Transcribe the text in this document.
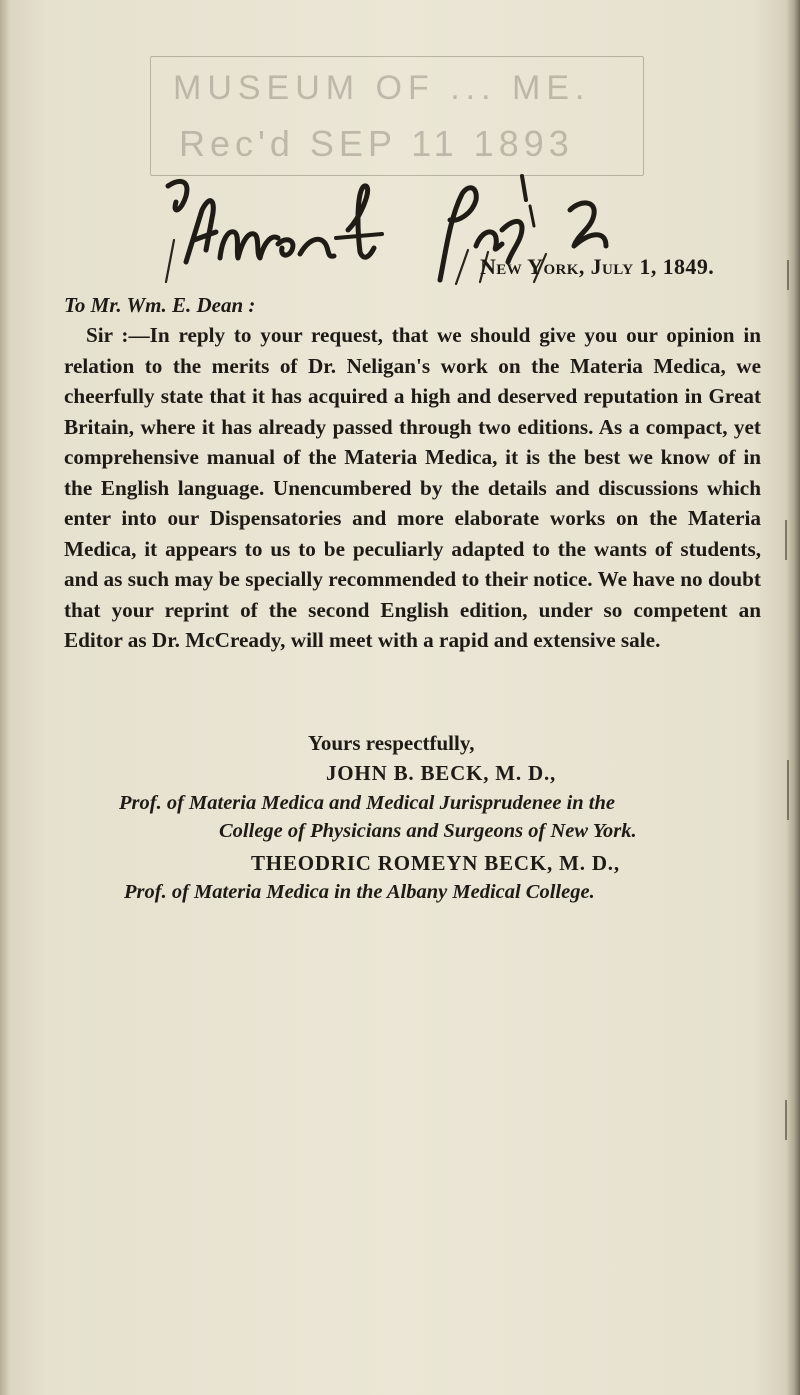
MUSEUM OF ... ME.
Rec'd SEP 11 1893
New York, July 1, 1849.
To Mr. Wm. E. Dean :
Sir :—In reply to your request, that we should give you our opinion in relation to the merits of Dr. Neligan's work on the Materia Medica, we cheerfully state that it has acquired a high and deserved reputation in Great Britain, where it has already passed through two editions. As a compact, yet comprehensive manual of the Materia Medica, it is the best we know of in the English language. Unencumbered by the details and discussions which enter into our Dispensatories and more elaborate works on the Materia Medica, it appears to us to be peculiarly adapted to the wants of students, and as such may be specially recommended to their notice. We have no doubt that your reprint of the second English edition, under so competent an Editor as Dr. McCready, will meet with a rapid and extensive sale.
Yours respectfully,
JOHN B. BECK, M. D.,
Prof. of Materia Medica and Medical Jurisprudenee in the
College of Physicians and Surgeons of New York.
THEODRIC ROMEYN BECK, M. D.,
Prof. of Materia Medica in the Albany Medical College.
